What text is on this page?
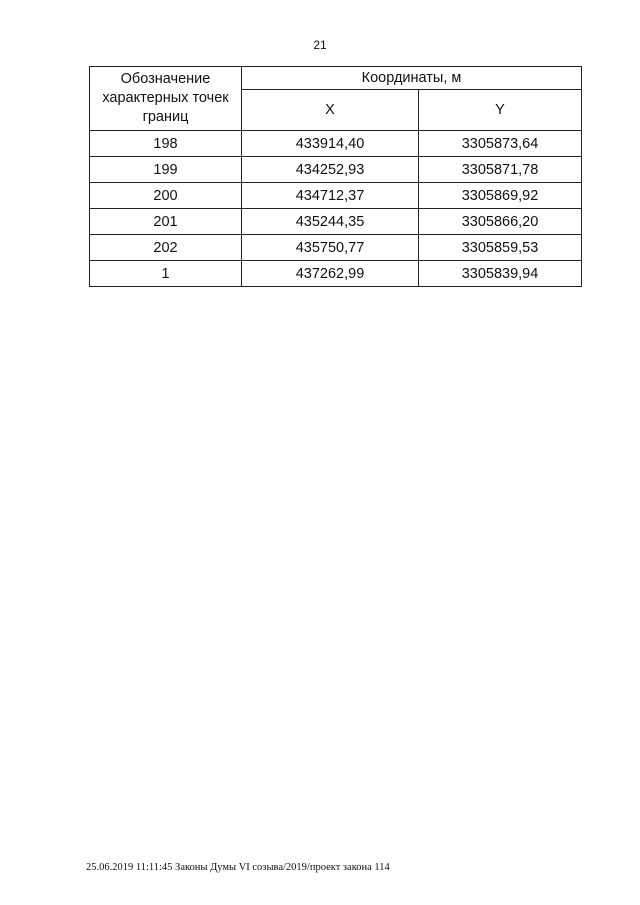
21
Обозначение характерных точек границ	Координаты, м	
	X	Y
198	433914,40	3305873,64
199	434252,93	3305871,78
200	434712,37	3305869,92
201	435244,35	3305866,20
202	435750,77	3305859,53
1	437262,99	3305839,94
25.06.2019 11:11:45 Законы Думы VI созыва/2019/проект закона 114
